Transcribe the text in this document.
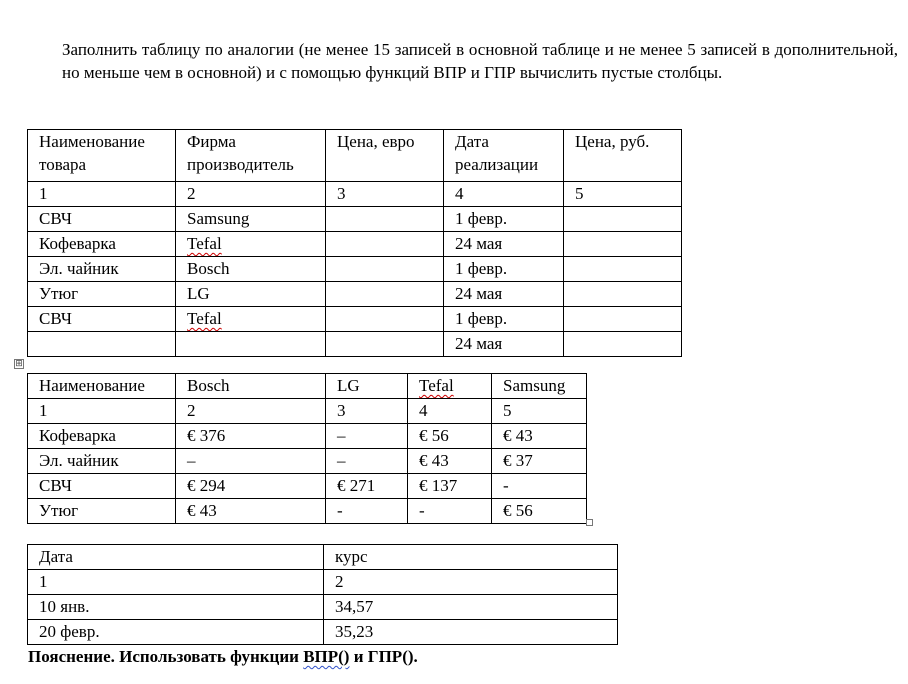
Заполнить таблицу по аналогии (не менее 15 записей в основной таблице и не менее 5 записей в дополнительной, но меньше чем в основной) и с помощью функций ВПР и ГПР вычислить пустые столбцы.
Наименование товара	Фирма производитель	Цена, евро	Дата реализации	Цена, руб.
1	2	3	4	5
СВЧ	Samsung		1 февр.	
Кофеварка	Tefal		24 мая	
Эл. чайник	Bosch		1 февр.	
Утюг	LG		24 мая	
СВЧ	Tefal		1 февр.	
			24 мая	
⊞
Наименование	Bosch	LG	Tefal	Samsung
1	2	3	4	5
Кофеварка	€ 376	–	€ 56	€ 43
Эл. чайник	–	–	€ 43	€ 37
СВЧ	€ 294	€ 271	€ 137	-
Утюг	€ 43	-	-	€ 56
Дата	курс
1	2
10 янв.	34,57
20 февр.	35,23
Пояснение. Использовать функции ВПР() и ГПР().
